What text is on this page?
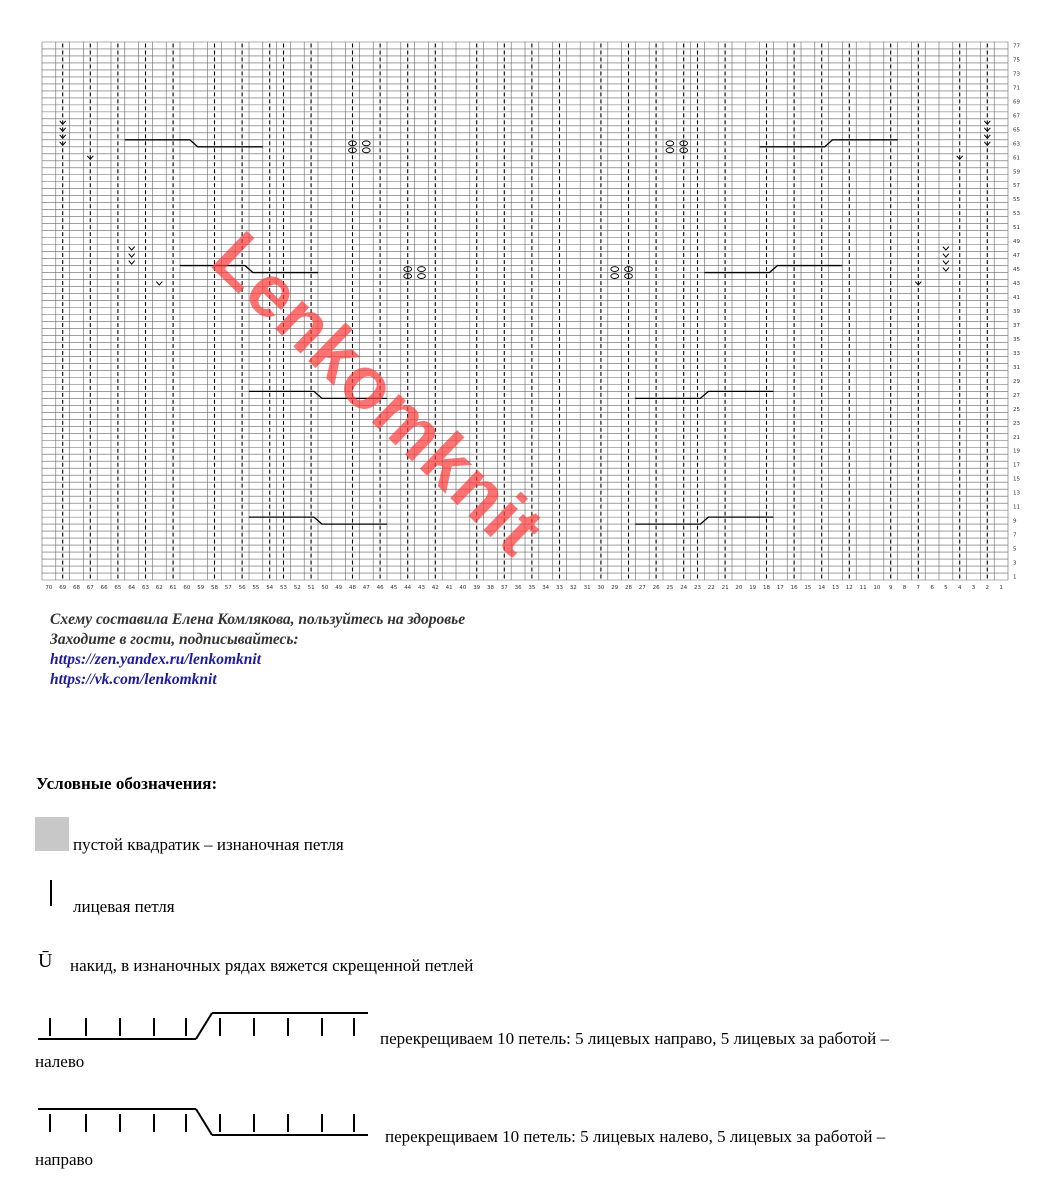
70 69 68 67 66 65 64 63 62 61 60 59 58 57 56 55 54 53 52 51 50 49 48 47 46 45 44 43 42 41 40 39 38 37 36 35 34 33 32 31 30 29 28 27 26 25 24 23 22 21 20 19 18 17 16 15 14 13 12 11 10 9 8 7 6 5 4 3 2 1
77
75
73
71
69
67
65
63
61
59
57
55
53
51
49
47
45
43
41
39
37
35
33
31
29
27
25
23
21
19
17
15
13
11
9
7
5
3
1
Lenkomknit
Схему составила Елена Комлякова, пользуйтесь на здоровье
Заходите в гости, подписывайтесь:
https://zen.yandex.ru/lenkomknit
https://vk.com/lenkomknit
Условные обозначения:
пустой квадратик – изнаночная петля
лицевая петля
Ū накид, в изнаночных рядах вяжется скрещенной петлей
перекрещиваем 10 петель: 5 лицевых направо, 5 лицевых за работой –
налево
перекрещиваем 10 петель: 5 лицевых налево, 5 лицевых за работой –
направо
